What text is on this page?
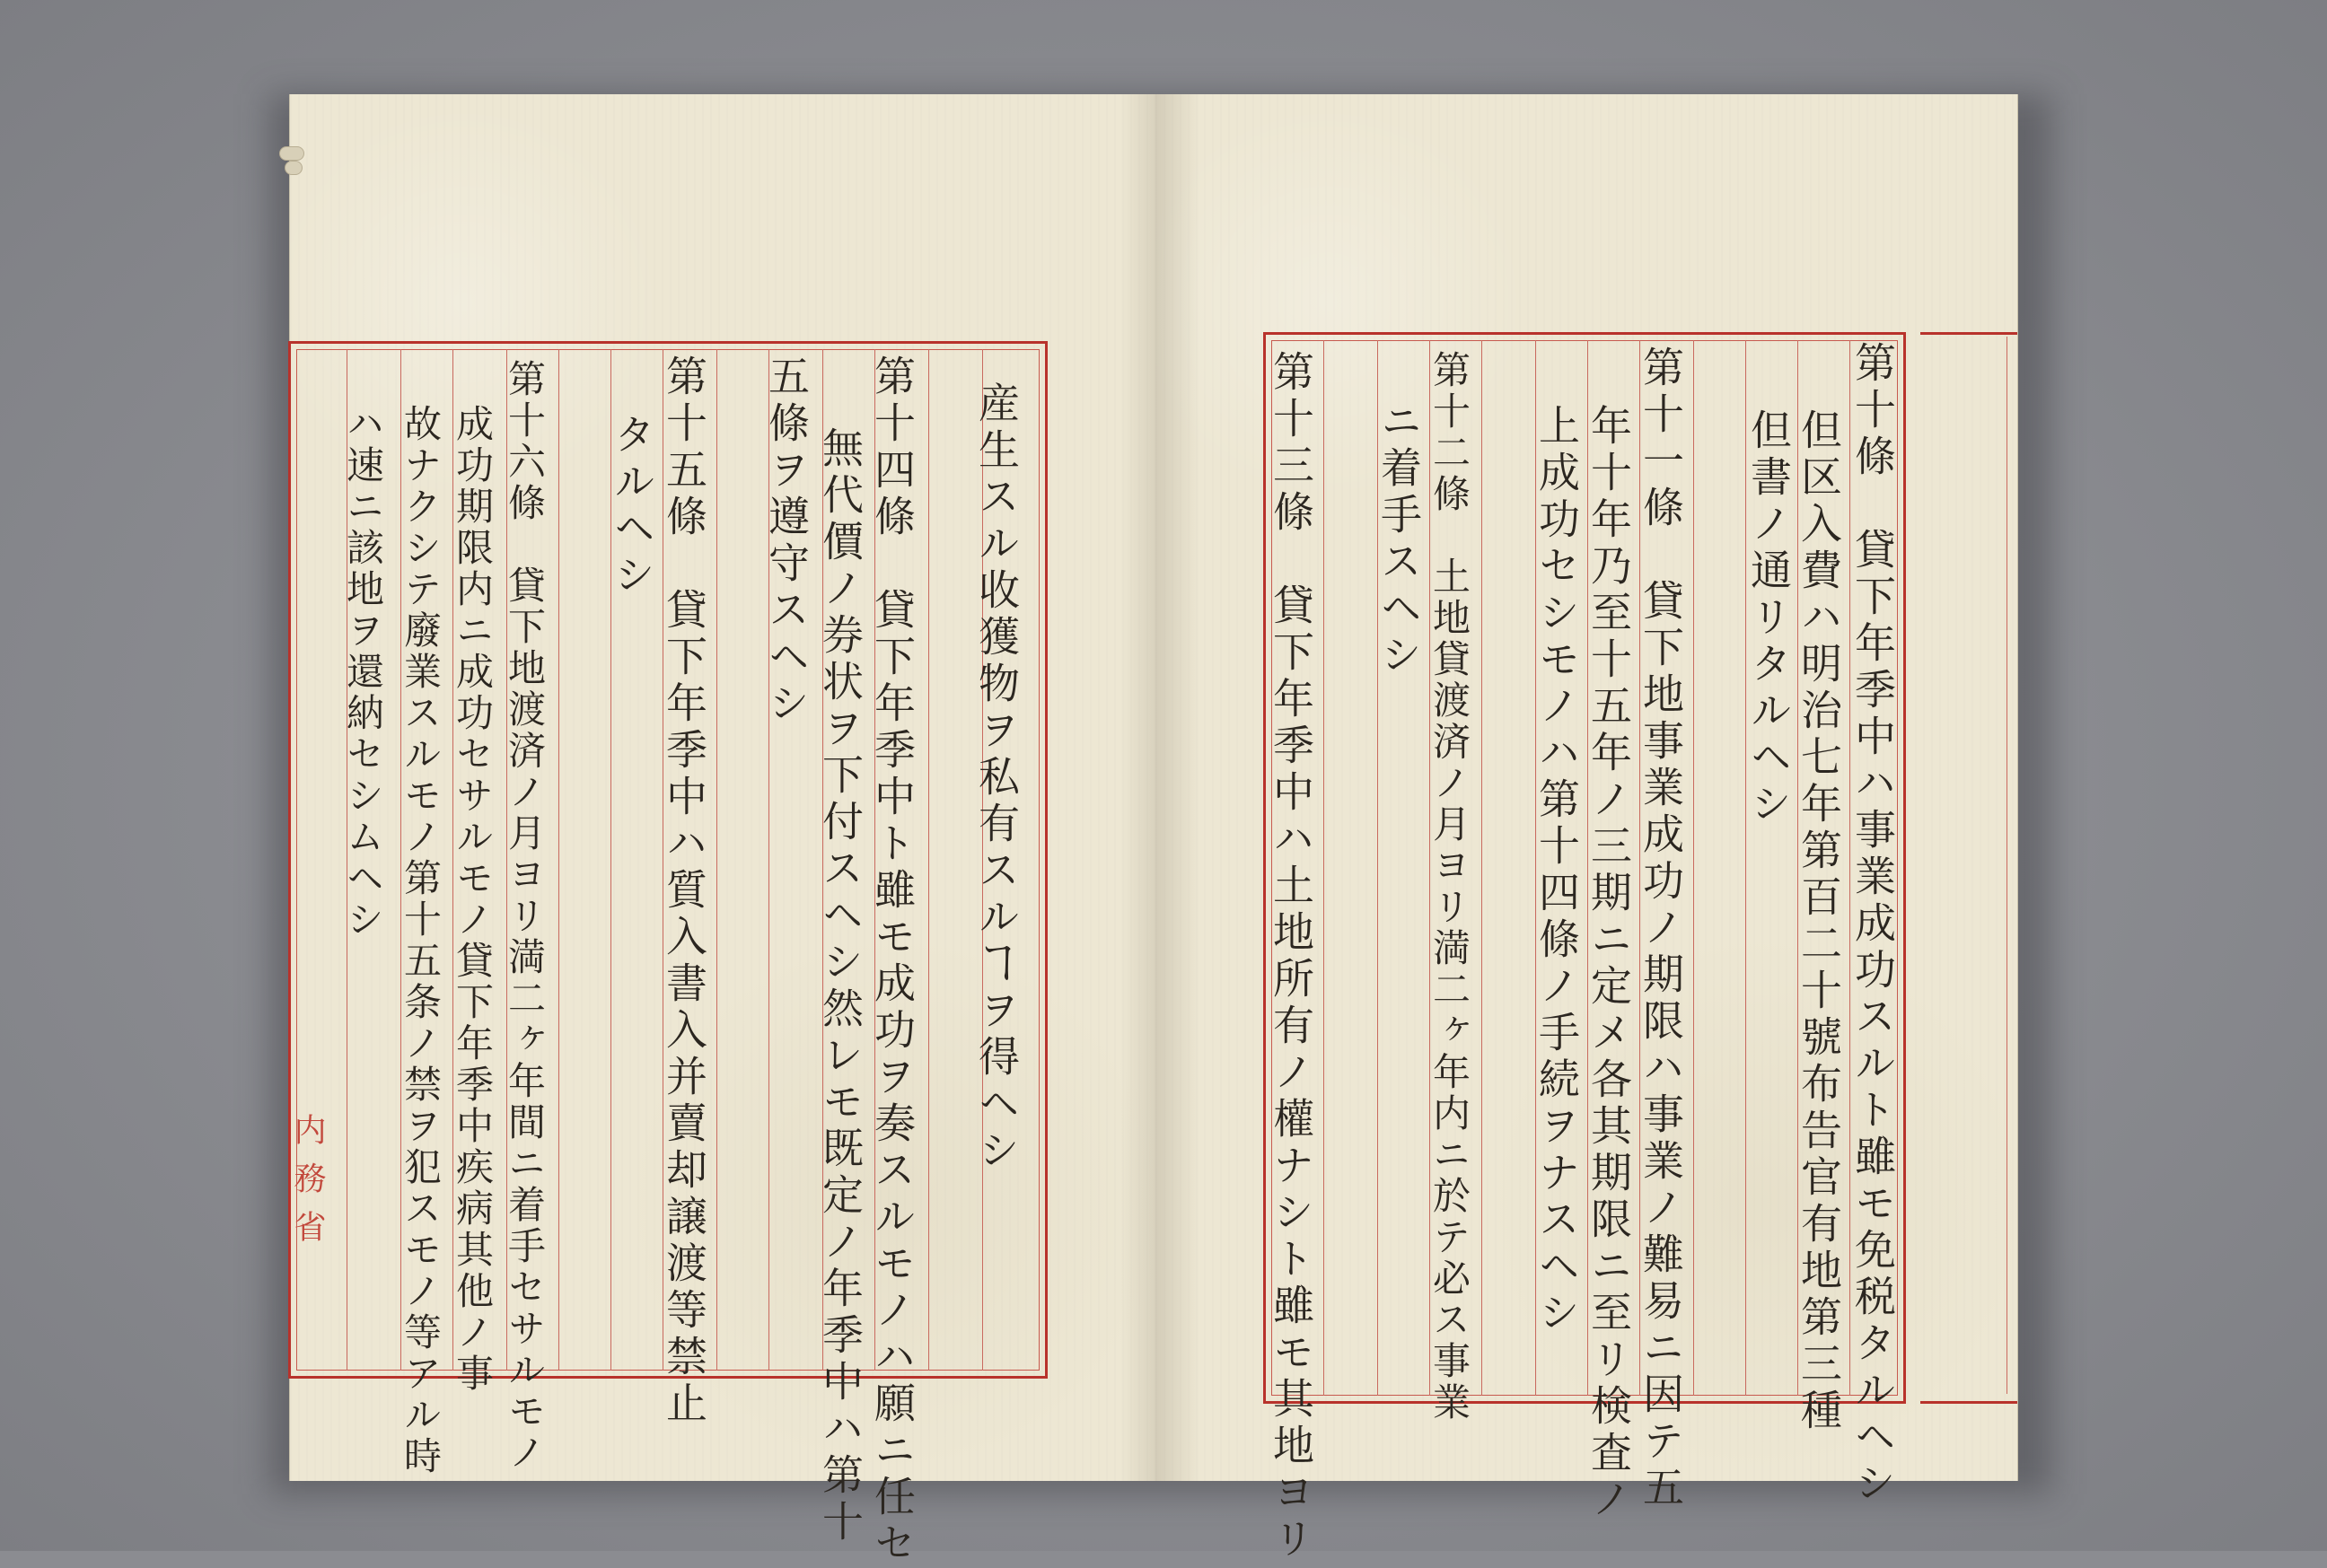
産生スル收獲物ヲ私有スルヿヲ得ヘシ
第十四條　貸下年季中ト雖モ成功ヲ奏スルモノハ願ニ任セ
無代價ノ券状ヲ下付スヘシ然レモ既定ノ年季中ハ第十
五條ヲ遵守スヘシ
第十五條　貸下年季中ハ質入書入并賣却譲渡等禁止
タルヘシ
第十六條　貸下地渡済ノ月ヨリ満二ヶ年間ニ着手セサルモノ
成功期限内ニ成功セサルモノ貸下年季中疾病其他ノ事
故ナクシテ廢業スルモノ第十五条ノ禁ヲ犯スモノ等アル時
ハ速ニ該地ヲ還納セシムヘシ
内務省	第十條　貸下年季中ハ事業成功スルト雖モ免税タルヘシ
但区入費ハ明治七年第百二十號布告官有地第三種
但書ノ通リタルヘシ
第十一條　貸下地事業成功ノ期限ハ事業ノ難易ニ因テ五
年十年乃至十五年ノ三期ニ定メ各其期限ニ至リ検査ノ
上成功セシモノハ第十四條ノ手続ヲナスヘシ
第十二條　土地貸渡済ノ月ヨリ満二ヶ年内ニ於テ必ス事業
ニ着手スヘシ
第十三條　貸下年季中ハ土地所有ノ權ナシト雖モ其地ヨリ
